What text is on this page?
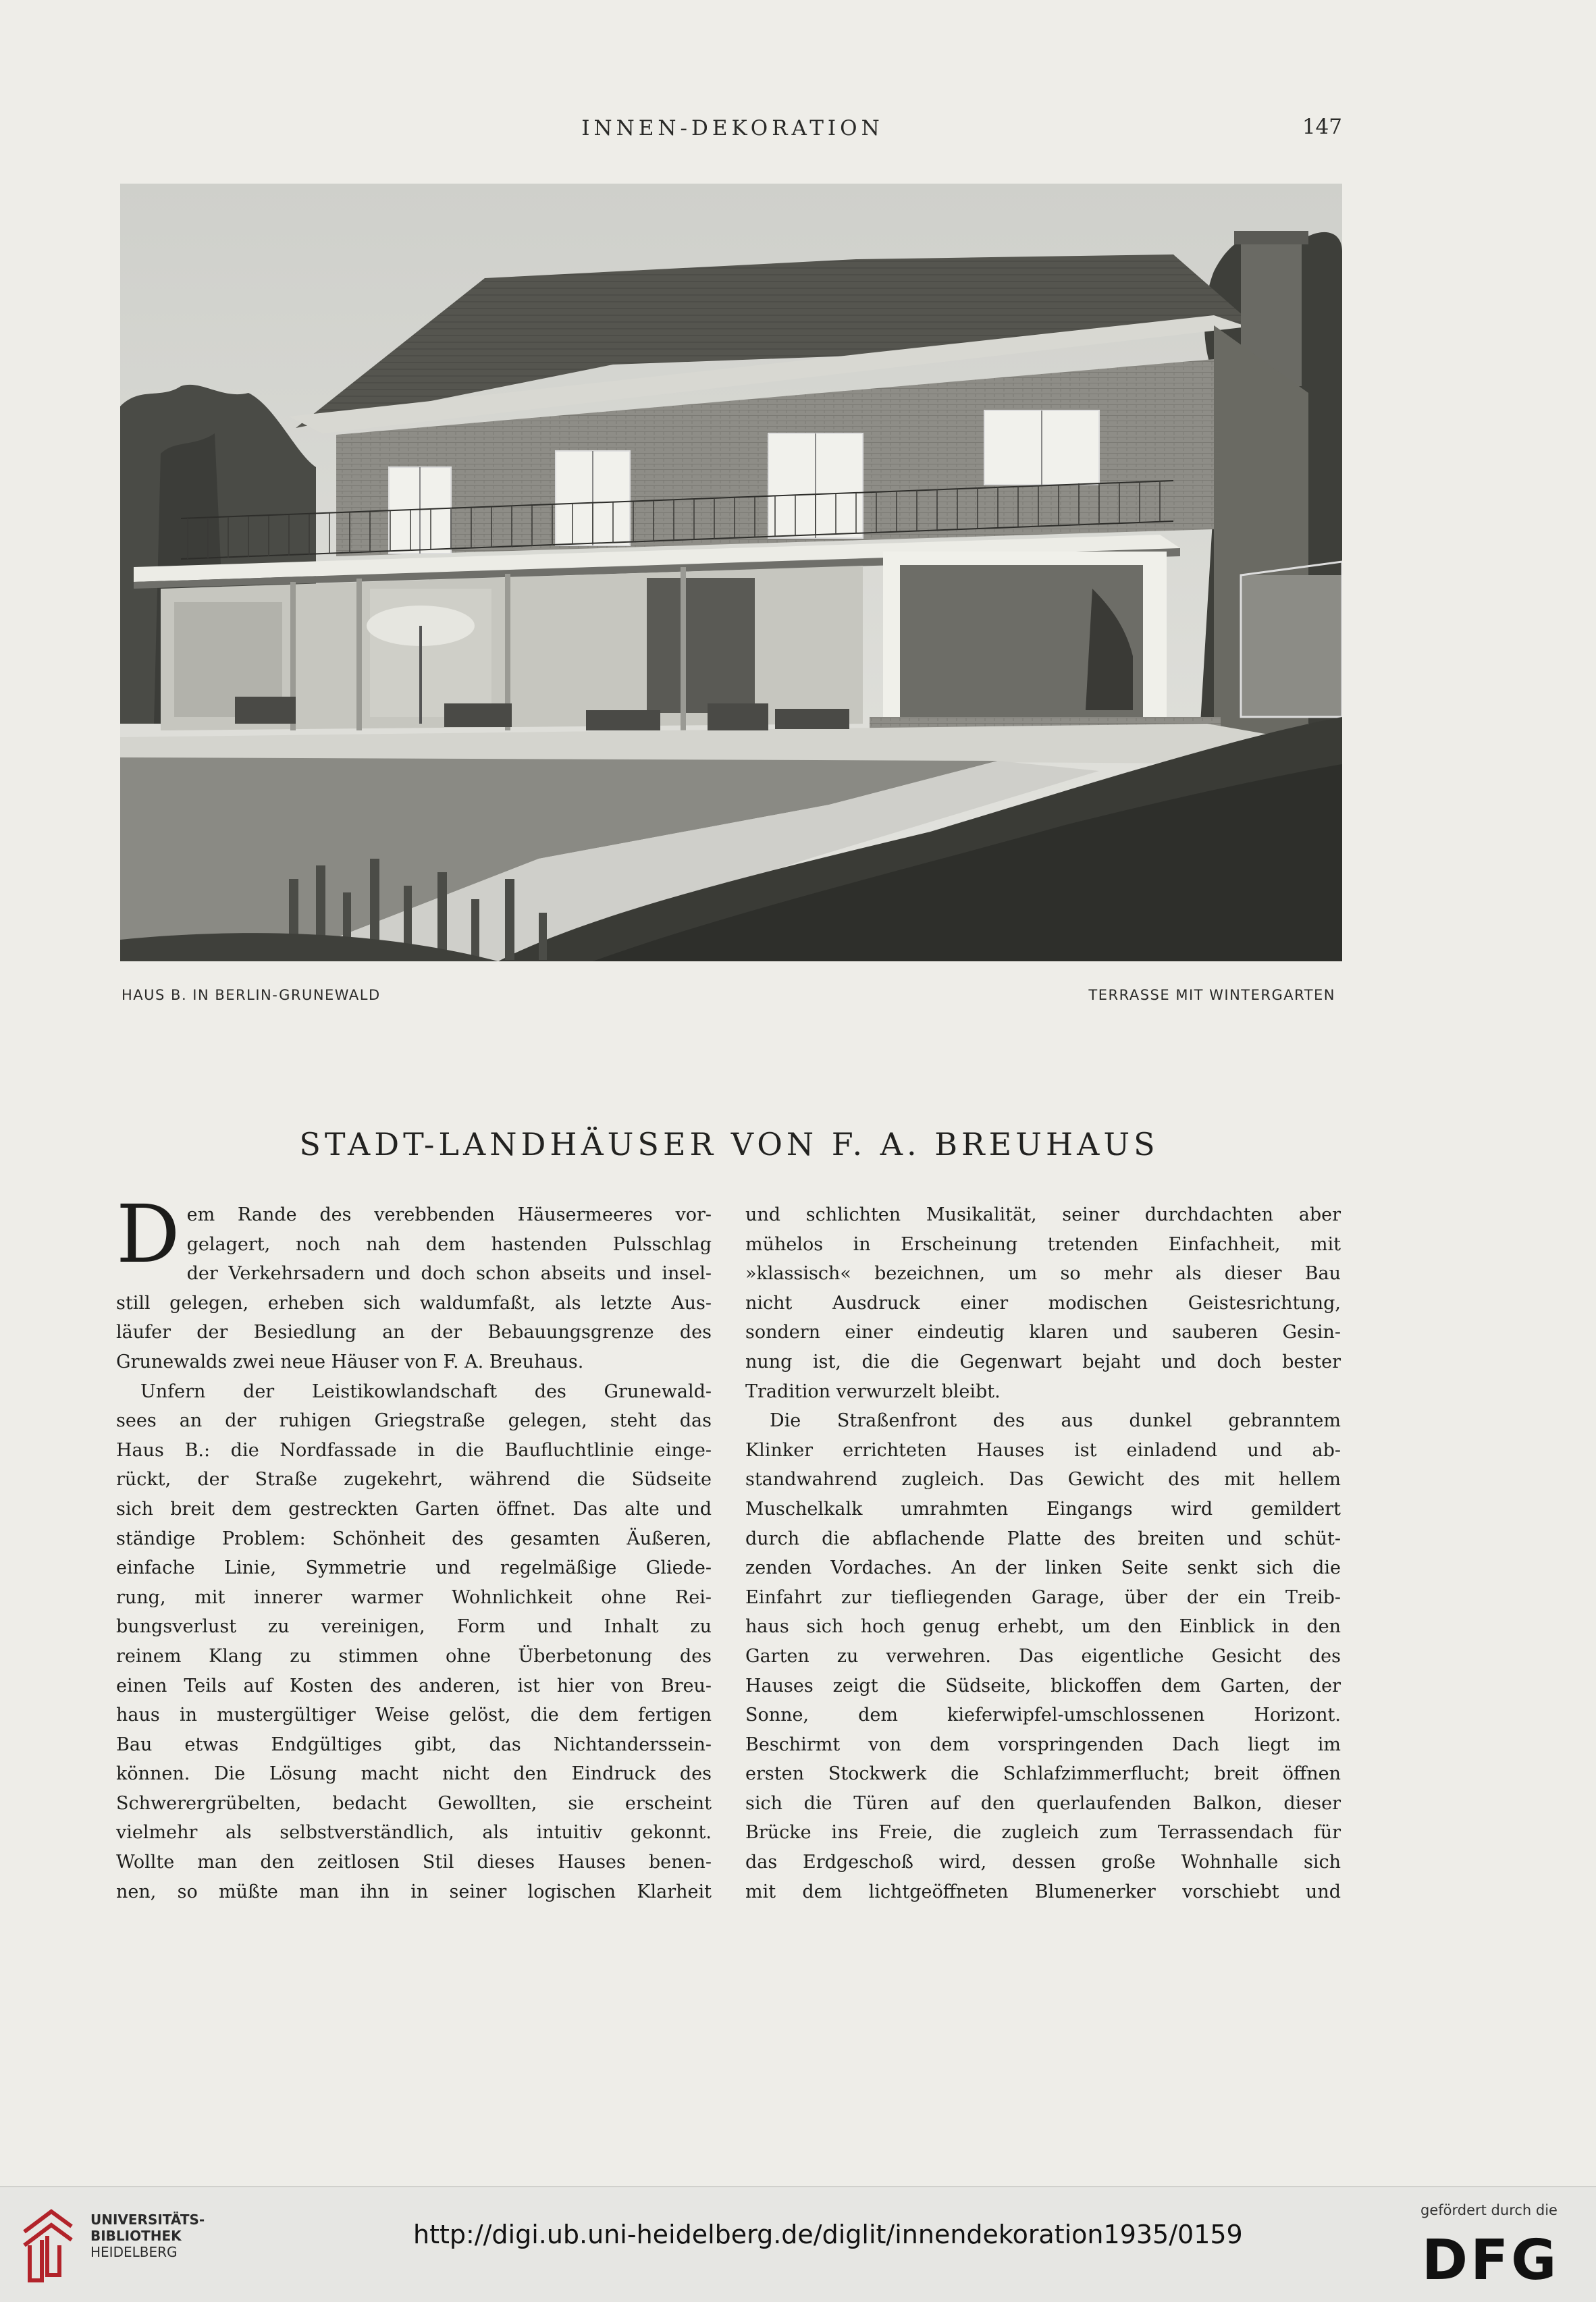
INNEN-DEKORATION	147
HAUS B. IN BERLIN-GRUNEWALD	TERRASSE MIT WINTERGARTEN
STADT-LANDHÄUSER VON F. A. BREUHAUS
D em Rande des verebbenden Häusermeeres vor-
gelagert, noch nah dem hastenden Pulsschlag
der Verkehrsadern und doch schon abseits und insel-
still gelegen, erheben sich waldumfaßt, als letzte Aus-
läufer der Besiedlung an der Bebauungsgrenze des
Grunewalds zwei neue Häuser von F. A. Breuhaus.
Unfern der Leistikowlandschaft des Grunewald-
sees an der ruhigen Griegstraße gelegen, steht das
Haus B.: die Nordfassade in die Baufluchtlinie einge-
rückt, der Straße zugekehrt, während die Südseite
sich breit dem gestreckten Garten öffnet. Das alte und
ständige Problem: Schönheit des gesamten Äußeren,
einfache Linie, Symmetrie und regelmäßige Gliede-
rung, mit innerer warmer Wohnlichkeit ohne Rei-
bungsverlust zu vereinigen, Form und Inhalt zu
reinem Klang zu stimmen ohne Überbetonung des
einen Teils auf Kosten des anderen, ist hier von Breu-
haus in mustergültiger Weise gelöst, die dem fertigen
Bau etwas Endgültiges gibt, das Nichtanderssein-
können. Die Lösung macht nicht den Eindruck des
Schwerergrübelten, bedacht Gewollten, sie erscheint
vielmehr als selbstverständlich, als intuitiv gekonnt.
Wollte man den zeitlosen Stil dieses Hauses benen-
nen, so müßte man ihn in seiner logischen Klarheit
und schlichten Musikalität, seiner durchdachten aber
mühelos in Erscheinung tretenden Einfachheit, mit
»klassisch« bezeichnen, um so mehr als dieser Bau
nicht Ausdruck einer modischen Geistesrichtung,
sondern einer eindeutig klaren und sauberen Gesin-
nung ist, die die Gegenwart bejaht und doch bester
Tradition verwurzelt bleibt.
Die Straßenfront des aus dunkel gebranntem
Klinker errichteten Hauses ist einladend und ab-
standwahrend zugleich. Das Gewicht des mit hellem
Muschelkalk umrahmten Eingangs wird gemildert
durch die abflachende Platte des breiten und schüt-
zenden Vordaches. An der linken Seite senkt sich die
Einfahrt zur tiefliegenden Garage, über der ein Treib-
haus sich hoch genug erhebt, um den Einblick in den
Garten zu verwehren. Das eigentliche Gesicht des
Hauses zeigt die Südseite, blickoffen dem Garten, der
Sonne, dem kieferwipfel-umschlossenen Horizont.
Beschirmt von dem vorspringenden Dach liegt im
ersten Stockwerk die Schlafzimmerflucht; breit öffnen
sich die Türen auf den querlaufenden Balkon, dieser
Brücke ins Freie, die zugleich zum Terrassendach für
das Erdgeschoß wird, dessen große Wohnhalle sich
mit dem lichtgeöffneten Blumenerker vorschiebt und
UNIVERSITÄTS-
BIBLIOTHEK
HEIDELBERG
http://digi.ub.uni-heidelberg.de/diglit/innendekoration1935/0159
gefördert durch die
DFG
